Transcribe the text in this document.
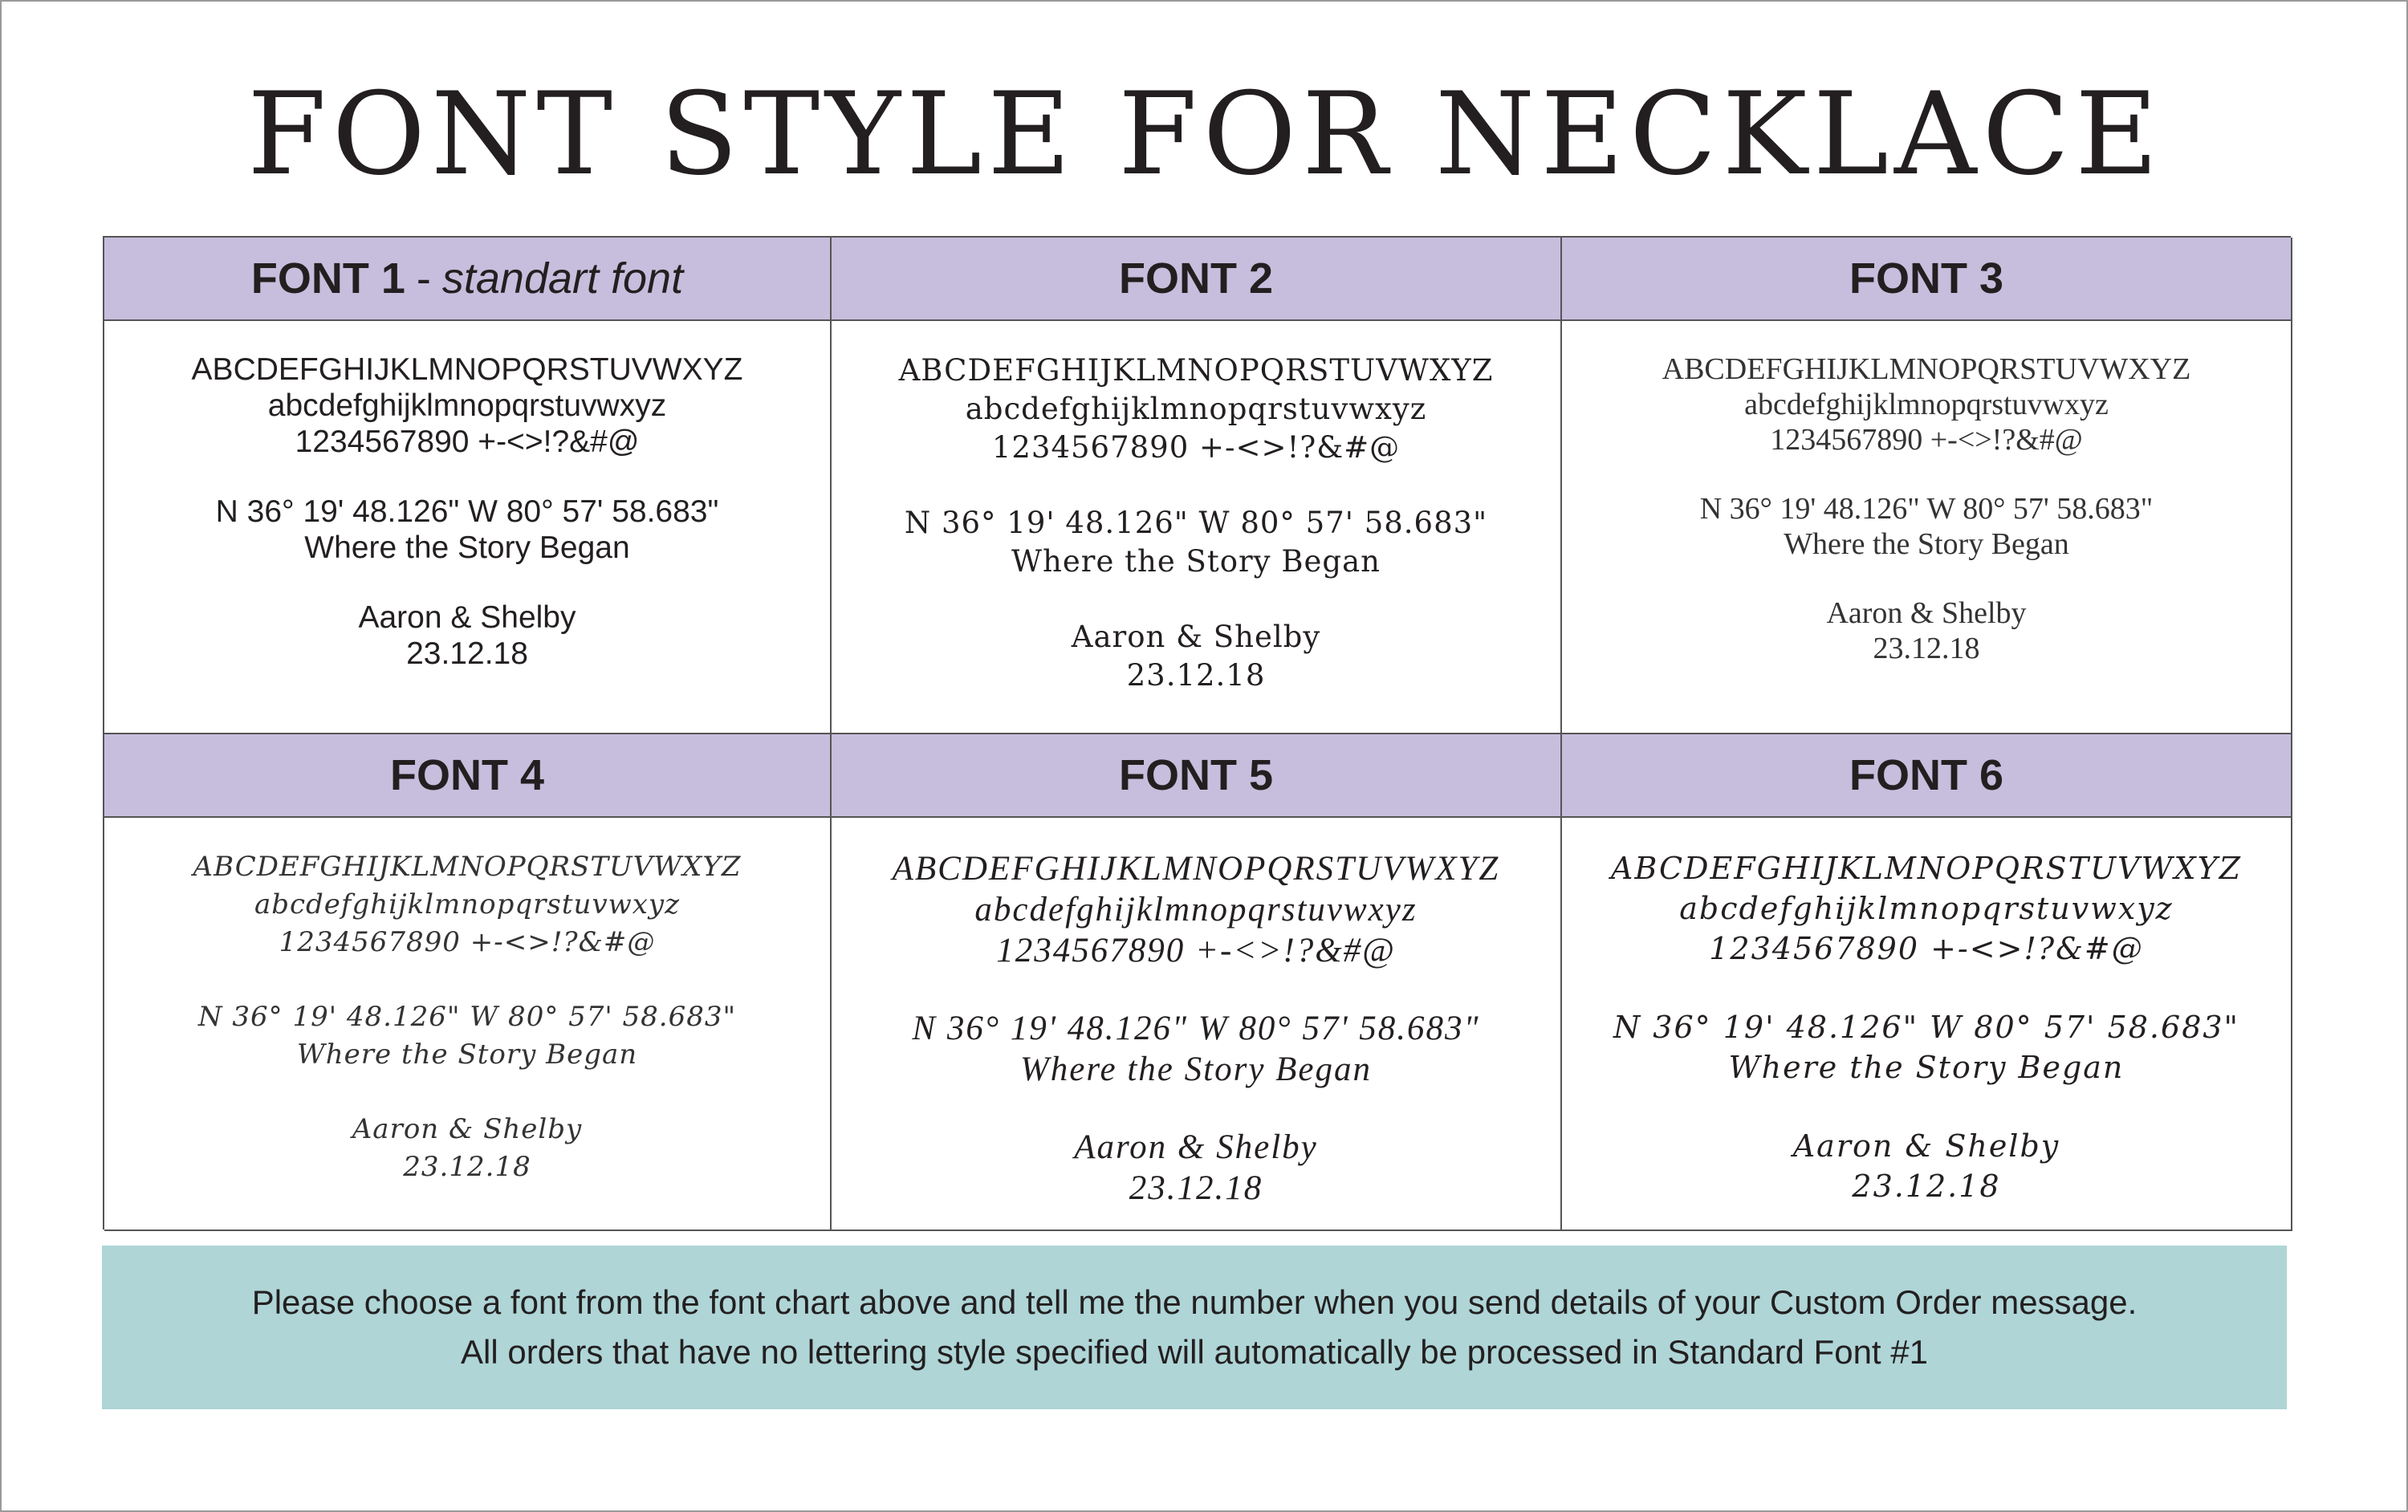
FONT STYLE FOR NECKLACE
FONT 1 - standart font
ABCDEFGHIJKLMNOPQRSTUVWXYZ
abcdefghijklmnopqrstuvwxyz
1234567890 +-<>!?&#@
N 36° 19' 48.126" W 80° 57' 58.683"
Where the Story Began
Aaron & Shelby
23.12.18
FONT 2
ABCDEFGHIJKLMNOPQRSTUVWXYZ
abcdefghijklmnopqrstuvwxyz
1234567890 +-<>!?&#@
N 36° 19' 48.126" W 80° 57' 58.683"
Where the Story Began
Aaron & Shelby
23.12.18
FONT 3
ABCDEFGHIJKLMNOPQRSTUVWXYZ
abcdefghijklmnopqrstuvwxyz
1234567890 +-<>!?&#@
N 36° 19' 48.126" W 80° 57' 58.683"
Where the Story Began
Aaron & Shelby
23.12.18
FONT 4
ABCDEFGHIJKLMNOPQRSTUVWXYZ
abcdefghijklmnopqrstuvwxyz
1234567890 +-<>!?&#@
N 36° 19' 48.126" W 80° 57' 58.683"
Where the Story Began
Aaron & Shelby
23.12.18
FONT 5
ABCDEFGHIJKLMNOPQRSTUVWXYZ
abcdefghijklmnopqrstuvwxyz
1234567890 +-<>!?&#@
N 36° 19' 48.126" W 80° 57' 58.683"
Where the Story Began
Aaron & Shelby
23.12.18
FONT 6
ABCDEFGHIJKLMNOPQRSTUVWXYZ
abcdefghijklmnopqrstuvwxyz
1234567890 +-<>!?&#@
N 36° 19' 48.126" W 80° 57' 58.683"
Where the Story Began
Aaron & Shelby
23.12.18
Please choose a font from the font chart above and tell me the number when you send details of your Custom Order message.
All orders that have no lettering style specified will automatically be processed in Standard Font #1
